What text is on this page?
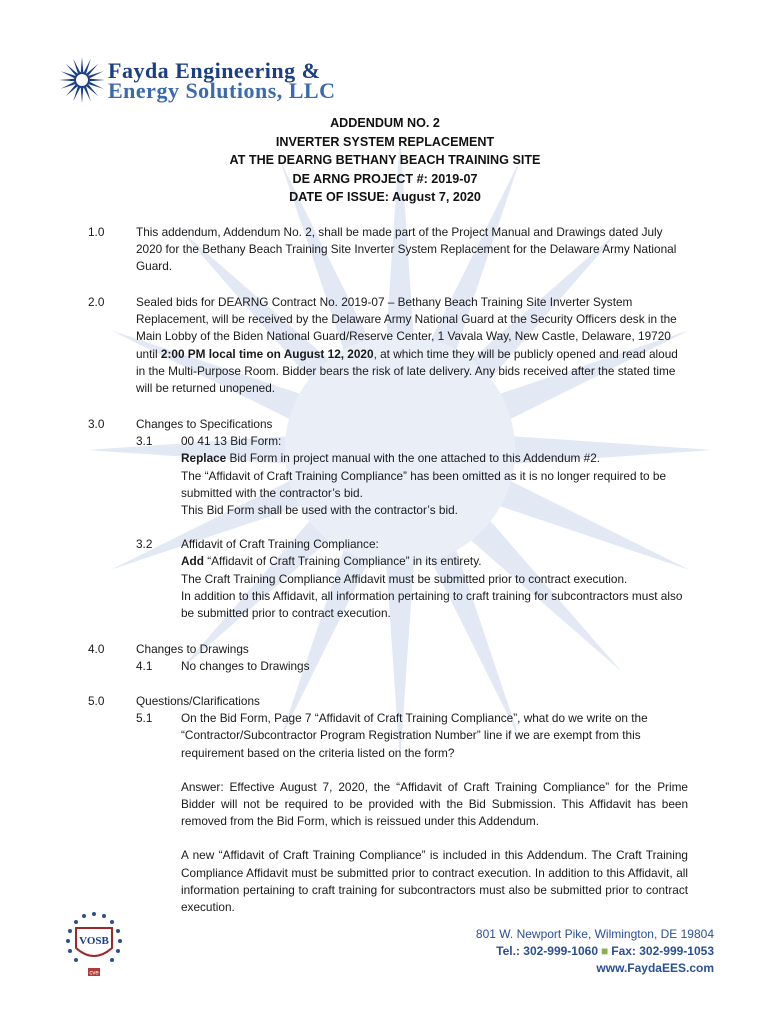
Fayda Engineering &
Energy Solutions, LLC
ADDENDUM NO. 2
INVERTER SYSTEM REPLACEMENT
AT THE DEARNG BETHANY BEACH TRAINING SITE
DE ARNG PROJECT #: 2019-07
DATE OF ISSUE: August 7, 2020
1.0	This addendum, Addendum No. 2, shall be made part of the Project Manual and Drawings dated July 2020 for the Bethany Beach Training Site Inverter System Replacement for the Delaware Army National Guard.
2.0	Sealed bids for DEARNG Contract No. 2019-07 – Bethany Beach Training Site Inverter System Replacement, will be received by the Delaware Army National Guard at the Security Officers desk in the Main Lobby of the Biden National Guard/Reserve Center, 1 Vavala Way, New Castle, Delaware, 19720 until 2:00 PM local time on August 12, 2020, at which time they will be publicly opened and read aloud in the Multi-Purpose Room. Bidder bears the risk of late delivery. Any bids received after the stated time will be returned unopened.
3.0	Changes to Specifications
3.1 00 41 13 Bid Form:
Replace Bid Form in project manual with the one attached to this Addendum #2.
The “Affidavit of Craft Training Compliance” has been omitted as it is no longer required to be submitted with the contractor’s bid.
This Bid Form shall be used with the contractor’s bid.
3.2 Affidavit of Craft Training Compliance:
Add “Affidavit of Craft Training Compliance” in its entirety.
The Craft Training Compliance Affidavit must be submitted prior to contract execution.
In addition to this Affidavit, all information pertaining to craft training for subcontractors must also be submitted prior to contract execution.
4.0	Changes to Drawings
4.1 No changes to Drawings
5.0	Questions/Clarifications
5.1 On the Bid Form, Page 7 “Affidavit of Craft Training Compliance”, what do we write on the “Contractor/Subcontractor Program Registration Number” line if we are exempt from this requirement based on the criteria listed on the form?
Answer: Effective August 7, 2020, the “Affidavit of Craft Training Compliance” for the Prime Bidder will not be required to be provided with the Bid Submission. This Affidavit has been removed from the Bid Form, which is reissued under this Addendum.
A new “Affidavit of Craft Training Compliance” is included in this Addendum. The Craft Training Compliance Affidavit must be submitted prior to contract execution. In addition to this Affidavit, all information pertaining to craft training for subcontractors must also be submitted prior to contract execution.
VOSB
cve
801 W. Newport Pike, Wilmington, DE 19804
Tel.: 302-999-1060 ■ Fax: 302-999-1053
www.FaydaEES.com
